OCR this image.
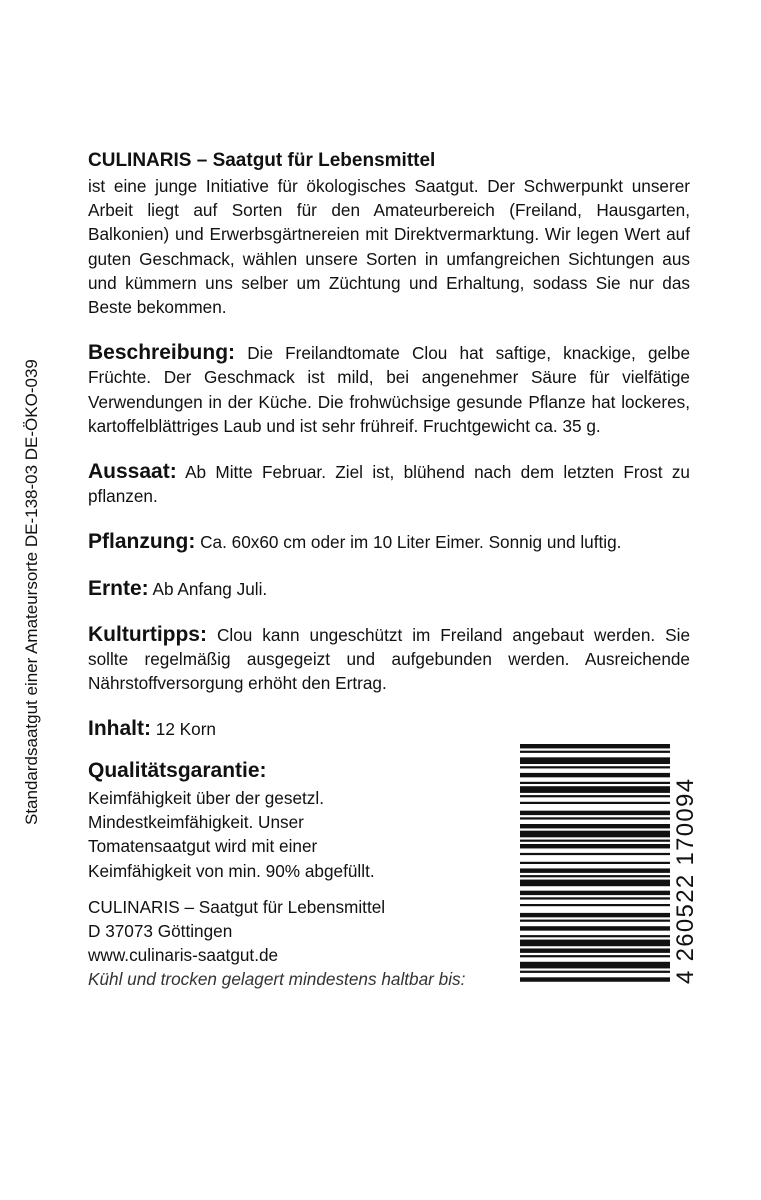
Standardsaatgut einer Amateursorte DE-138-03 DE-ÖKO-039
CULINARIS – Saatgut für Lebensmittel

ist eine junge Initiative für ökologisches Saatgut. Der Schwerpunkt unserer Arbeit liegt auf Sorten für den Amateurbereich (Freiland, Hausgarten, Balkonien) und Erwerbsgärtnereien mit Direktvermarktung. Wir legen Wert auf guten Geschmack, wählen unsere Sorten in umfangreichen Sichtungen aus und kümmern uns selber um Züchtung und Erhaltung, sodass Sie nur das Beste bekommen.

Beschreibung: Die Freilandtomate Clou hat saftige, knackige, gelbe Früchte. Der Geschmack ist mild, bei angenehmer Säure für vielfätige Verwendungen in der Küche. Die frohwüchsige gesunde Pflanze hat lockeres, kartoffelblättriges Laub und ist sehr frühreif. Fruchtgewicht ca. 35 g.

Aussaat: Ab Mitte Februar. Ziel ist, blühend nach dem letzten Frost zu pflanzen.

Pflanzung: Ca. 60x60 cm oder im 10 Liter Eimer. Sonnig und luftig.

Ernte: Ab Anfang Juli.

Kulturtipps: Clou kann ungeschützt im Freiland angebaut werden. Sie sollte regelmäßig ausgegeizt und aufgebunden werden. Ausreichende Nährstoffversorgung erhöht den Ertrag.

Inhalt: 12 Korn

Qualitätsgarantie:

Keimfähigkeit über der gesetzl.

Mindestkeimfähigkeit. Unser

Tomatensaatgut wird mit einer

Keimfähigkeit von min. 90% abgefüllt.

CULINARIS – Saatgut für Lebensmittel

D 37073 Göttingen

www.culinaris-saatgut.de

Kühl und trocken gelagert mindestens haltbar bis:	4 260522 170094
